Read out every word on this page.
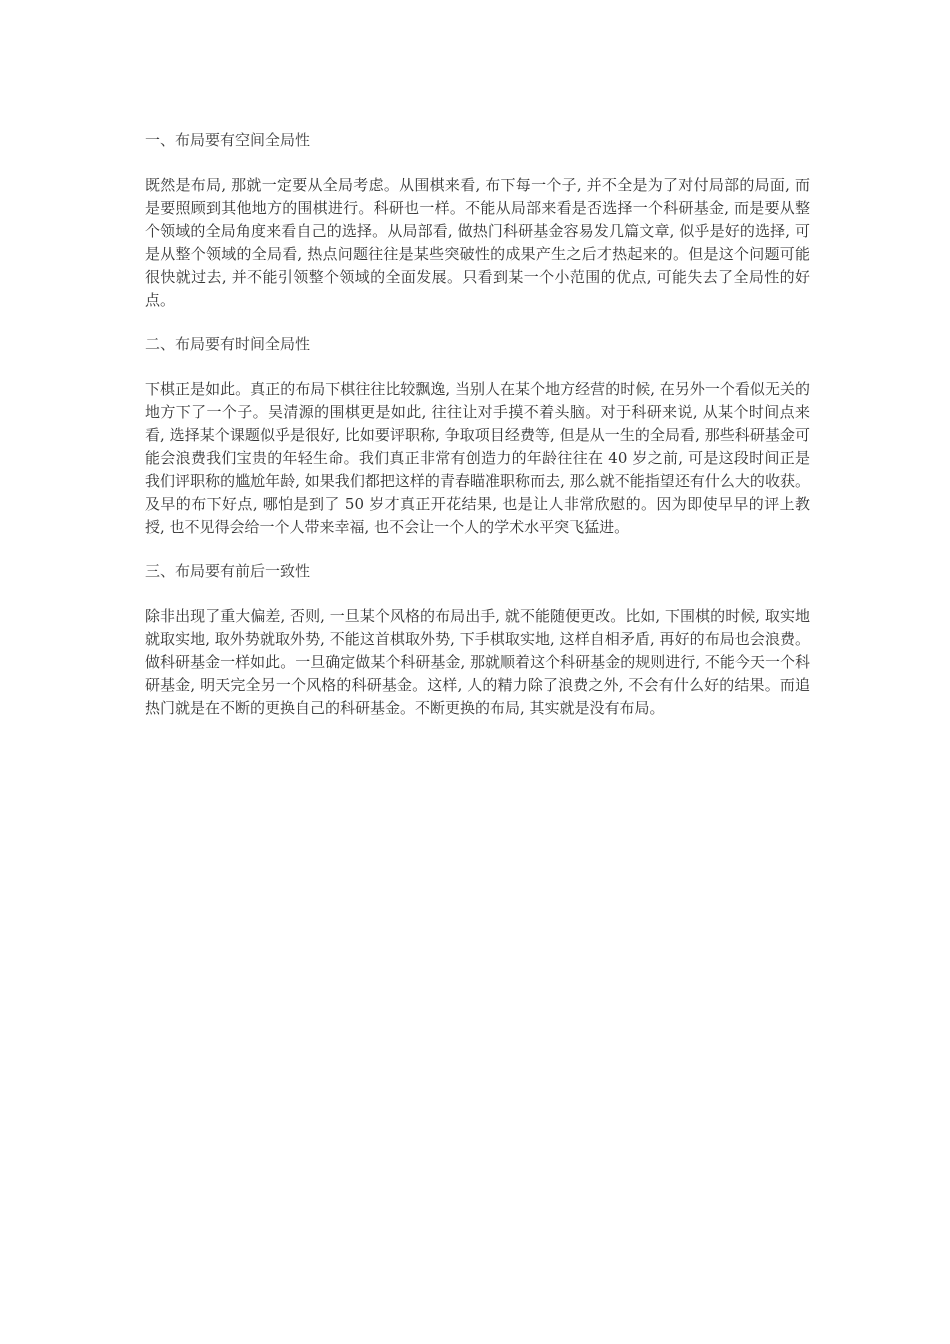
一、布局要有空间全局性

既然是布局, 那就一定要从全局考虑。从围棋来看, 布下每一个子, 并不全是为了对付局部的局面, 而是要照顾到其他地方的围棋进行。科研也一样。不能从局部来看是否选择一个科研基金, 而是要从整个领域的全局角度来看自己的选择。从局部看, 做热门科研基金容易发几篇文章, 似乎是好的选择, 可是从整个领域的全局看, 热点问题往往是某些突破性的成果产生之后才热起来的。但是这个问题可能很快就过去, 并不能引领整个领域的全面发展。只看到某一个小范围的优点, 可能失去了全局性的好点。

二、布局要有时间全局性

下棋正是如此。真正的布局下棋往往比较飘逸, 当别人在某个地方经营的时候, 在另外一个看似无关的地方下了一个子。吴清源的围棋更是如此, 往往让对手摸不着头脑。对于科研来说, 从某个时间点来看, 选择某个课题似乎是很好, 比如要评职称, 争取项目经费等, 但是从一生的全局看, 那些科研基金可能会浪费我们宝贵的年轻生命。我们真正非常有创造力的年龄往往在 40 岁之前, 可是这段时间正是我们评职称的尴尬年龄, 如果我们都把这样的青春瞄准职称而去, 那么就不能指望还有什么大的收获。及早的布下好点, 哪怕是到了 50 岁才真正开花结果, 也是让人非常欣慰的。因为即使早早的评上教授, 也不见得会给一个人带来幸福, 也不会让一个人的学术水平突飞猛进。

三、布局要有前后一致性

除非出现了重大偏差, 否则, 一旦某个风格的布局出手, 就不能随便更改。比如, 下围棋的时候, 取实地就取实地, 取外势就取外势, 不能这首棋取外势, 下手棋取实地, 这样自相矛盾, 再好的布局也会浪费。做科研基金一样如此。一旦确定做某个科研基金, 那就顺着这个科研基金的规则进行, 不能今天一个科研基金, 明天完全另一个风格的科研基金。这样, 人的精力除了浪费之外, 不会有什么好的结果。而追热门就是在不断的更换自己的科研基金。不断更换的布局, 其实就是没有布局。
